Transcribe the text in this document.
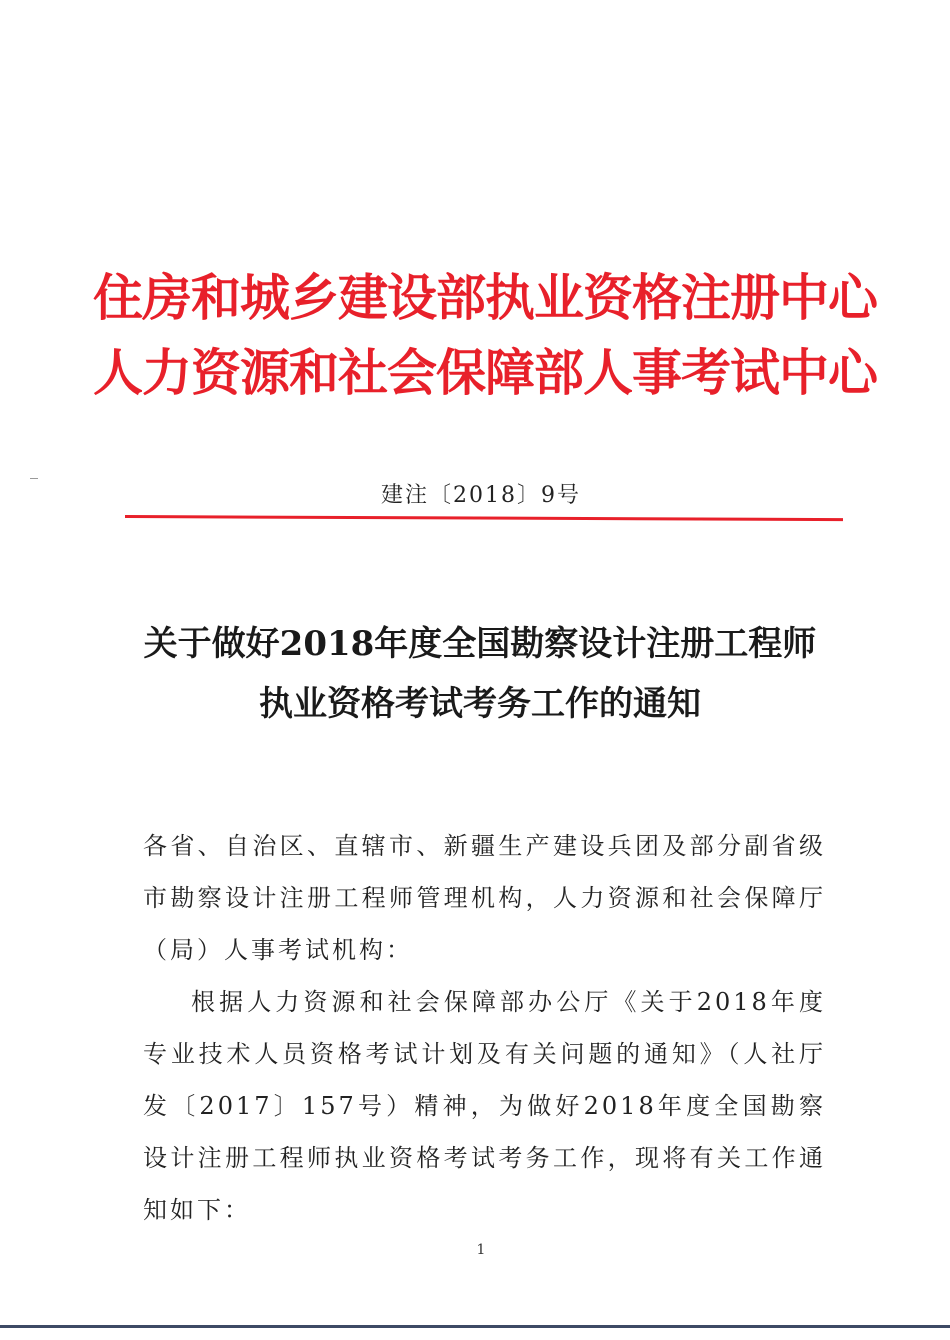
住房和城乡建设部执业资格注册中心
人力资源和社会保障部人事考试中心
建注〔2018〕9号
关于做好2018年度全国勘察设计注册工程师
执业资格考试考务工作的通知
各省、自治区、直辖市、新疆生产建设兵团及部分副省级市勘察设计注册工程师管理机构，人力资源和社会保障厅（局）人事考试机构：
根据人力资源和社会保障部办公厅《关于2018年度专业技术人员资格考试计划及有关问题的通知》（人社厅发〔2017〕157号）精神，为做好2018年度全国勘察设计注册工程师执业资格考试考务工作，现将有关工作通知如下：
1
